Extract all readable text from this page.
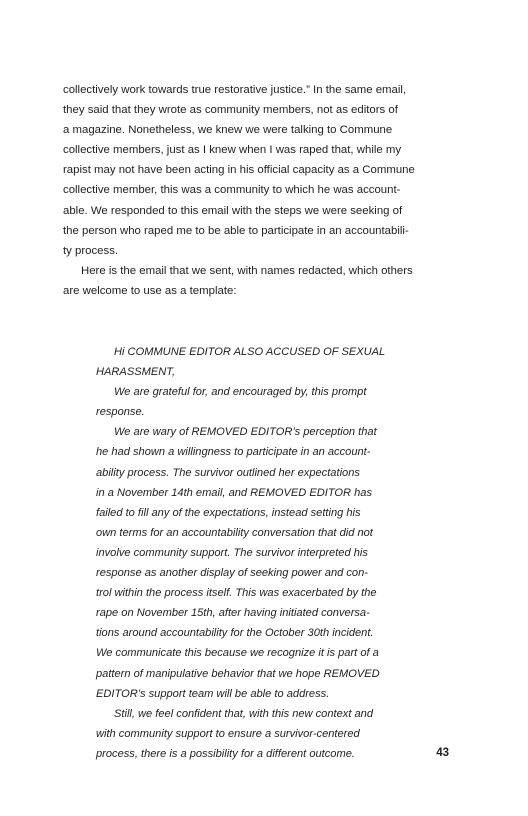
collectively work towards true restorative justice.” In the same email,
they said that they wrote as community members, not as editors of
a magazine. Nonetheless, we knew we were talking to Commune
collective members, just as I knew when I was raped that, while my
rapist may not have been acting in his official capacity as a Commune
collective member, this was a community to which he was account-
able. We responded to this email with the steps we were seeking of
the person who raped me to be able to participate in an accountabili-
ty process.
Here is the email that we sent, with names redacted, which others
are welcome to use as a template:
Hi COMMUNE EDITOR ALSO ACCUSED OF SEXUAL
HARASSMENT,
We are grateful for, and encouraged by, this prompt
response.
We are wary of REMOVED EDITOR’s perception that
he had shown a willingness to participate in an account-
ability process. The survivor outlined her expectations
in a November 14th email, and REMOVED EDITOR has
failed to fill any of the expectations, instead setting his
own terms for an accountability conversation that did not
involve community support. The survivor interpreted his
response as another display of seeking power and con-
trol within the process itself. This was exacerbated by the
rape on November 15th, after having initiated conversa-
tions around accountability for the October 30th incident.
We communicate this because we recognize it is part of a
pattern of manipulative behavior that we hope REMOVED
EDITOR’s support team will be able to address.
Still, we feel confident that, with this new context and
with community support to ensure a survivor-centered
process, there is a possibility for a different outcome.	43
